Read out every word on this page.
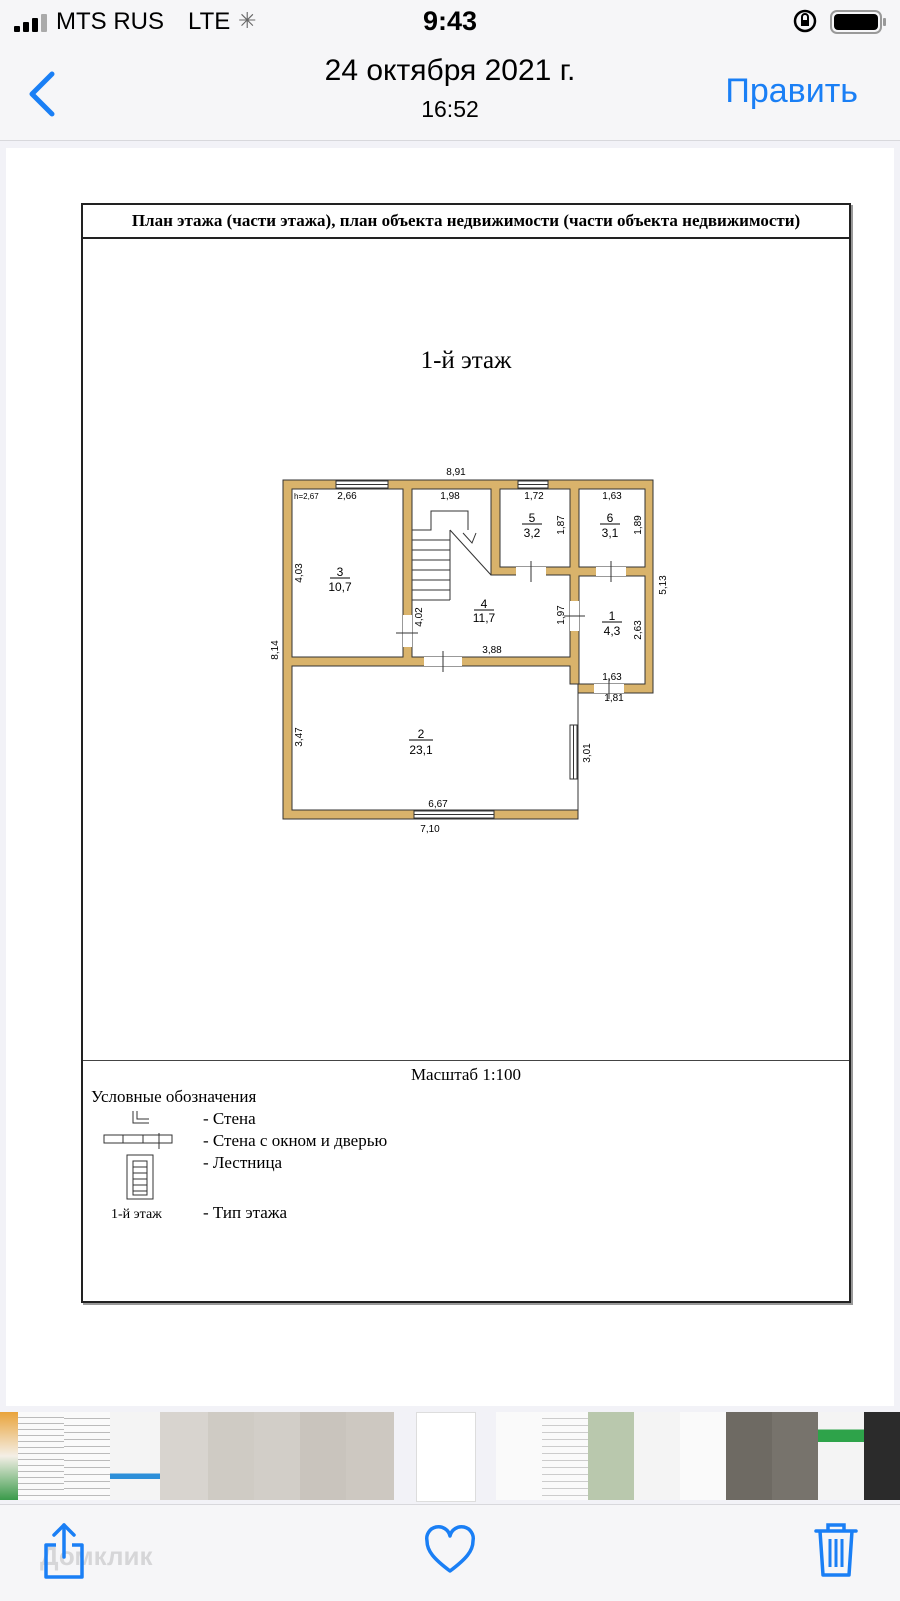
MTS RUS LTE ✳	9:43
24 октября 2021 г.
16:52	Править
План этажа (части этажа), план объекта недвижимости (части объекта недвижимости)
1-й этаж
8,91
h=2,67 2,66	1,98	1,72	1,63
4,03
8,14
1,87	1,89
5,13
4,02	1,97
3,88
2,63
1,63
1,81
3,47
3,01
6,67
7,10
3
10,7
4
11,7
5
3,2
6
3,1
1
4,3
2
23,1
Масштаб 1:100
Условные обозначения
1-й этаж
- Стена
- Стена с окном и дверью
- Лестница
- Тип этажа
Домклик
